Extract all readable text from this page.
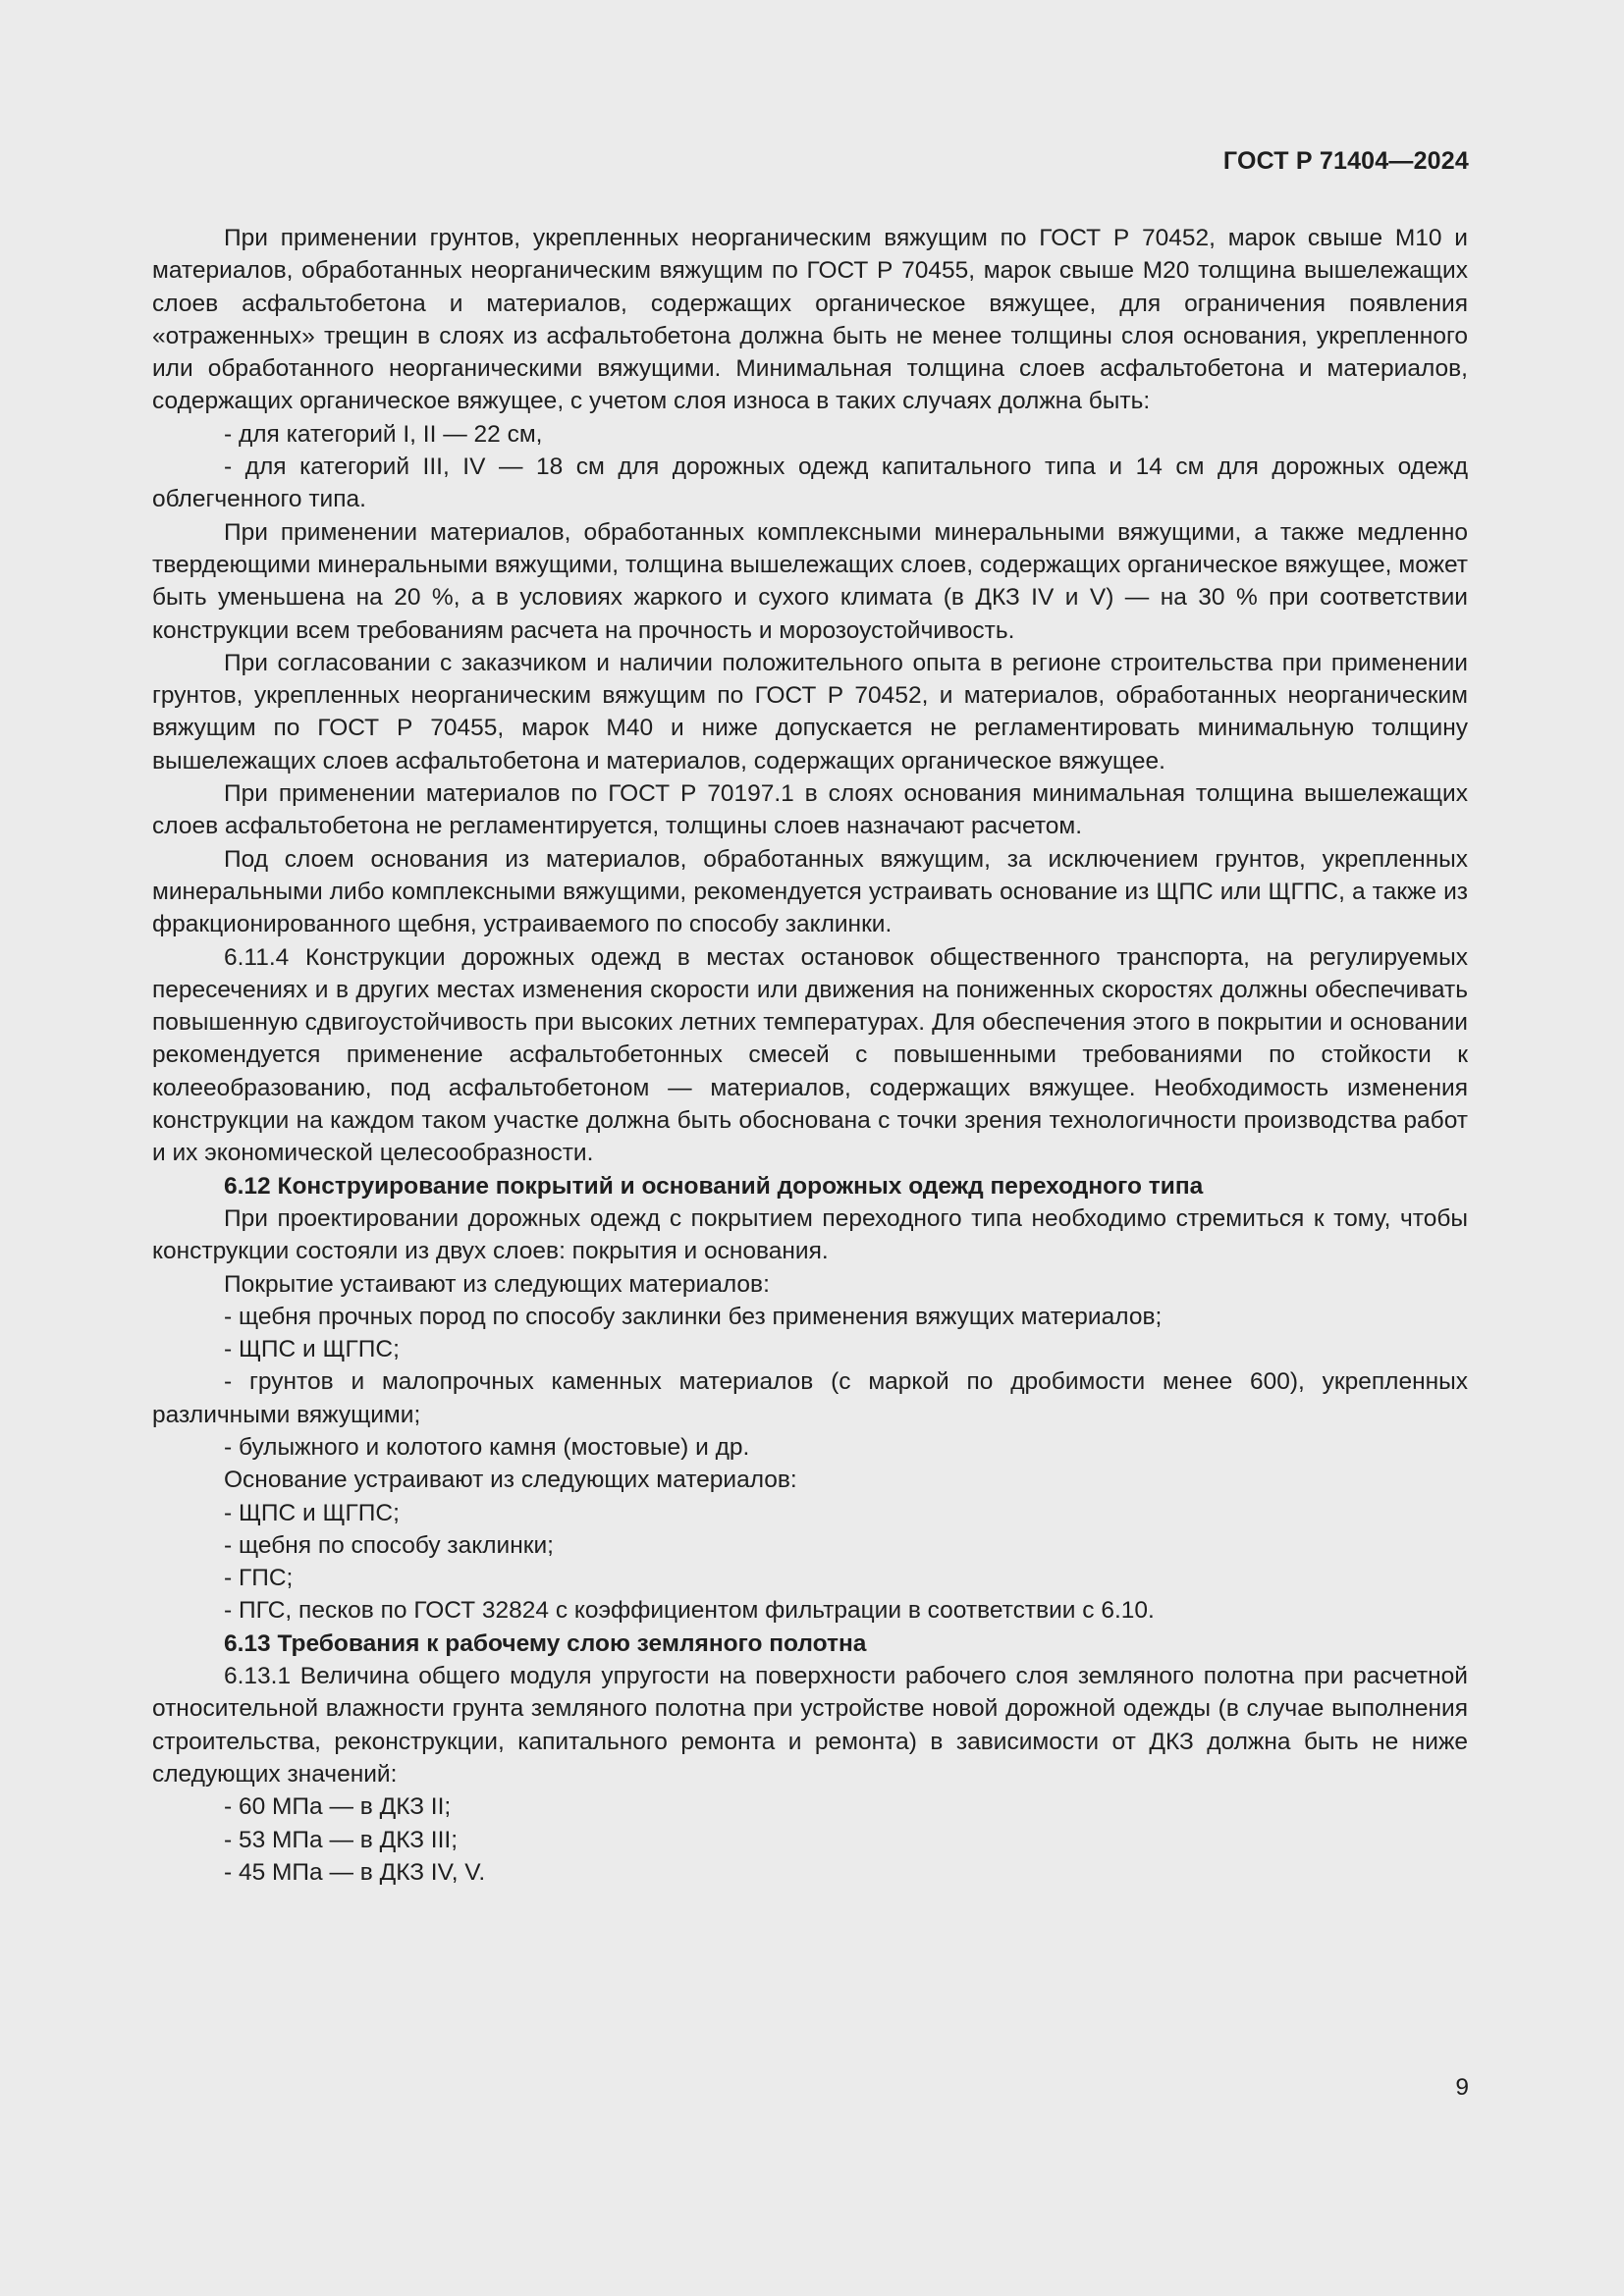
ГОСТ Р 71404—2024

При применении грунтов, укрепленных неорганическим вяжущим по ГОСТ Р 70452, марок свыше М10 и материалов, обработанных неорганическим вяжущим по ГОСТ Р 70455, марок свыше М20 толщина вышележащих слоев асфальтобетона и материалов, содержащих органическое вяжущее, для ограничения появления «отраженных» трещин в слоях из асфальтобетона должна быть не менее толщины слоя основания, укрепленного или обработанного неорганическими вяжущими. Минимальная толщина слоев асфальтобетона и материалов, содержащих органическое вяжущее, с учетом слоя износа в таких случаях должна быть:

- для категорий I, II — 22 см,

- для категорий III, IV — 18 см для дорожных одежд капитального типа и 14 см для дорожных одежд облегченного типа.

При применении материалов, обработанных комплексными минеральными вяжущими, а также медленно твердеющими минеральными вяжущими, толщина вышележащих слоев, содержащих органическое вяжущее, может быть уменьшена на 20 %, а в условиях жаркого и сухого климата (в ДКЗ IV и V) — на 30 % при соответствии конструкции всем требованиям расчета на прочность и морозоустойчивость.

При согласовании с заказчиком и наличии положительного опыта в регионе строительства при применении грунтов, укрепленных неорганическим вяжущим по ГОСТ Р 70452, и материалов, обработанных неорганическим вяжущим по ГОСТ Р 70455, марок М40 и ниже допускается не регламентировать минимальную толщину вышележащих слоев асфальтобетона и материалов, содержащих органическое вяжущее.

При применении материалов по ГОСТ Р 70197.1 в слоях основания минимальная толщина вышележащих слоев асфальтобетона не регламентируется, толщины слоев назначают расчетом.

Под слоем основания из материалов, обработанных вяжущим, за исключением грунтов, укрепленных минеральными либо комплексными вяжущими, рекомендуется устраивать основание из ЩПС или ЩГПС, а также из фракционированного щебня, устраиваемого по способу заклинки.

6.11.4 Конструкции дорожных одежд в местах остановок общественного транспорта, на регулируемых пересечениях и в других местах изменения скорости или движения на пониженных скоростях должны обеспечивать повышенную сдвигоустойчивость при высоких летних температурах. Для обеспечения этого в покрытии и основании рекомендуется применение асфальтобетонных смесей с повышенными требованиями по стойкости к колееобразованию, под асфальтобетоном — материалов, содержащих вяжущее. Необходимость изменения конструкции на каждом таком участке должна быть обоснована с точки зрения технологичности производства работ и их экономической целесообразности.

6.12 Конструирование покрытий и оснований дорожных одежд переходного типа

При проектировании дорожных одежд с покрытием переходного типа необходимо стремиться к тому, чтобы конструкции состояли из двух слоев: покрытия и основания.

Покрытие устаивают из следующих материалов:

- щебня прочных пород по способу заклинки без применения вяжущих материалов;

- ЩПС и ЩГПС;

- грунтов и малопрочных каменных материалов (с маркой по дробимости менее 600), укрепленных различными вяжущими;

- булыжного и колотого камня (мостовые) и др.

Основание устраивают из следующих материалов:

- ЩПС и ЩГПС;

- щебня по способу заклинки;

- ГПС;

- ПГС, песков по ГОСТ 32824 с коэффициентом фильтрации в соответствии с 6.10.

6.13 Требования к рабочему слою земляного полотна

6.13.1 Величина общего модуля упругости на поверхности рабочего слоя земляного полотна при расчетной относительной влажности грунта земляного полотна при устройстве новой дорожной одежды (в случае выполнения строительства, реконструкции, капитального ремонта и ремонта) в зависимости от ДКЗ должна быть не ниже следующих значений:

- 60 МПа — в ДКЗ II;

- 53 МПа — в ДКЗ III;

- 45 МПа — в ДКЗ IV, V.

9
